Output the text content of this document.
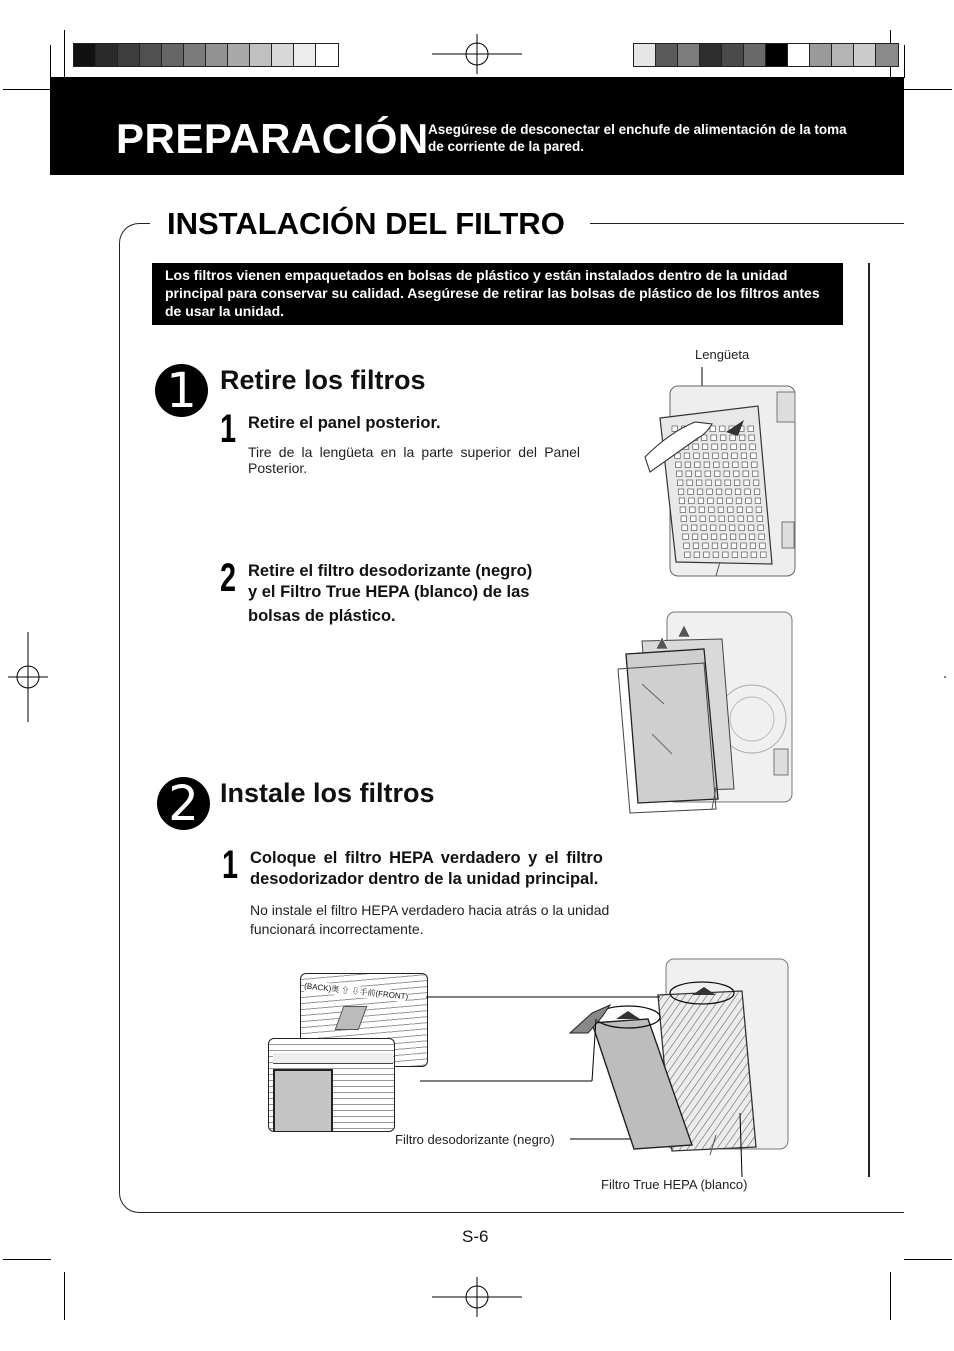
PREPARACIÓN Asegúrese de desconectar el enchufe de alimentación de la toma de corriente de la pared.
INSTALACIÓN DEL FILTRO
Los filtros vienen empaquetados en bolsas de plástico y están instalados dentro de la unidad principal para conservar su calidad. Asegúrese de retirar las bolsas de plástico de los filtros antes de usar la unidad.
1 Retire los filtros
1 Retire el panel posterior.
Tire de la lengüeta en la parte superior del Panel Posterior.
2 Retire el filtro desodorizante (negro)
y el Filtro True HEPA (blanco) de las
bolsas de plástico.
Lengüeta
2 Instale los filtros
1 Coloque el filtro HEPA verdadero y el filtro
desodorizador dentro de la unidad principal.
No instale el filtro HEPA verdadero hacia atrás o la unidad
funcionará incorrectamente.
(BACK)奥 ⇧ ⇩手前(FRONT)
Filtro desodorizante (negro)
Filtro True HEPA (blanco)
S-6
